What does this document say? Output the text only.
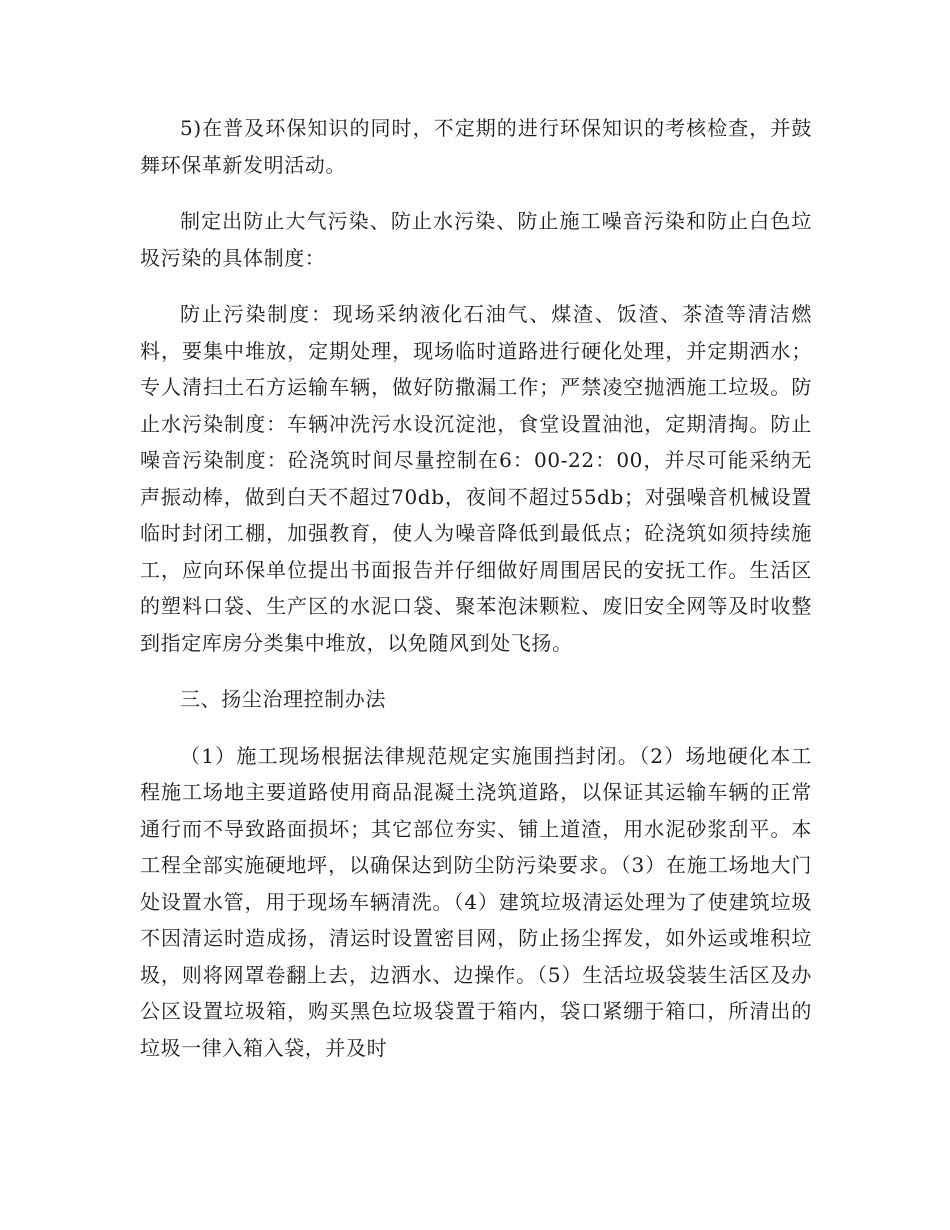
5)在普及环保知识的同时，不定期的进行环保知识的考核检查，并鼓舞环保革新发明活动。

制定出防止大气污染、防止水污染、防止施工噪音污染和防止白色垃圾污染的具体制度：

防止污染制度：现场采纳液化石油气、煤渣、饭渣、茶渣等清洁燃料，要集中堆放，定期处理，现场临时道路进行硬化处理，并定期洒水；专人清扫土石方运输车辆，做好防撒漏工作；严禁凌空抛洒施工垃圾。防止水污染制度：车辆冲洗污水设沉淀池，食堂设置油池，定期清掏。防止噪音污染制度：砼浇筑时间尽量控制在6：00-22：00，并尽可能采纳无声振动棒，做到白天不超过70db，夜间不超过55db；对强噪音机械设置临时封闭工棚，加强教育，使人为噪音降低到最低点；砼浇筑如须持续施工，应向环保单位提出书面报告并仔细做好周围居民的安抚工作。生活区的塑料口袋、生产区的水泥口袋、聚苯泡沫颗粒、废旧安全网等及时收整到指定库房分类集中堆放，以免随风到处飞扬。

三、扬尘治理控制办法

（1）施工现场根据法律规范规定实施围挡封闭。（2）场地硬化本工程施工场地主要道路使用商品混凝土浇筑道路，以保证其运输车辆的正常通行而不导致路面损坏；其它部位夯实、铺上道渣，用水泥砂浆刮平。本工程全部实施硬地坪，以确保达到防尘防污染要求。（3）在施工场地大门处设置水管，用于现场车辆清洗。（4）建筑垃圾清运处理为了使建筑垃圾不因清运时造成扬，清运时设置密目网，防止扬尘挥发，如外运或堆积垃圾，则将网罩卷翻上去，边洒水、边操作。（5）生活垃圾袋装生活区及办公区设置垃圾箱，购买黑色垃圾袋置于箱内，袋口紧绷于箱口，所清出的垃圾一律入箱入袋，并及时
